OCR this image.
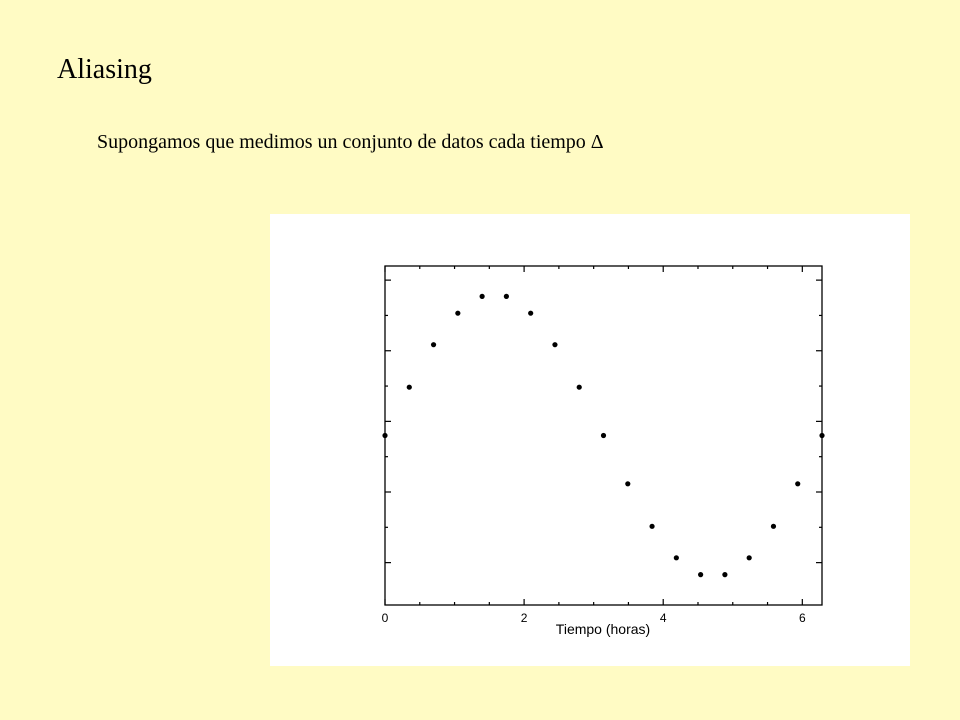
Aliasing

Supongamos que medimos un conjunto de datos cada tiempo Δ

0	2	4	6
Tiempo (horas)
